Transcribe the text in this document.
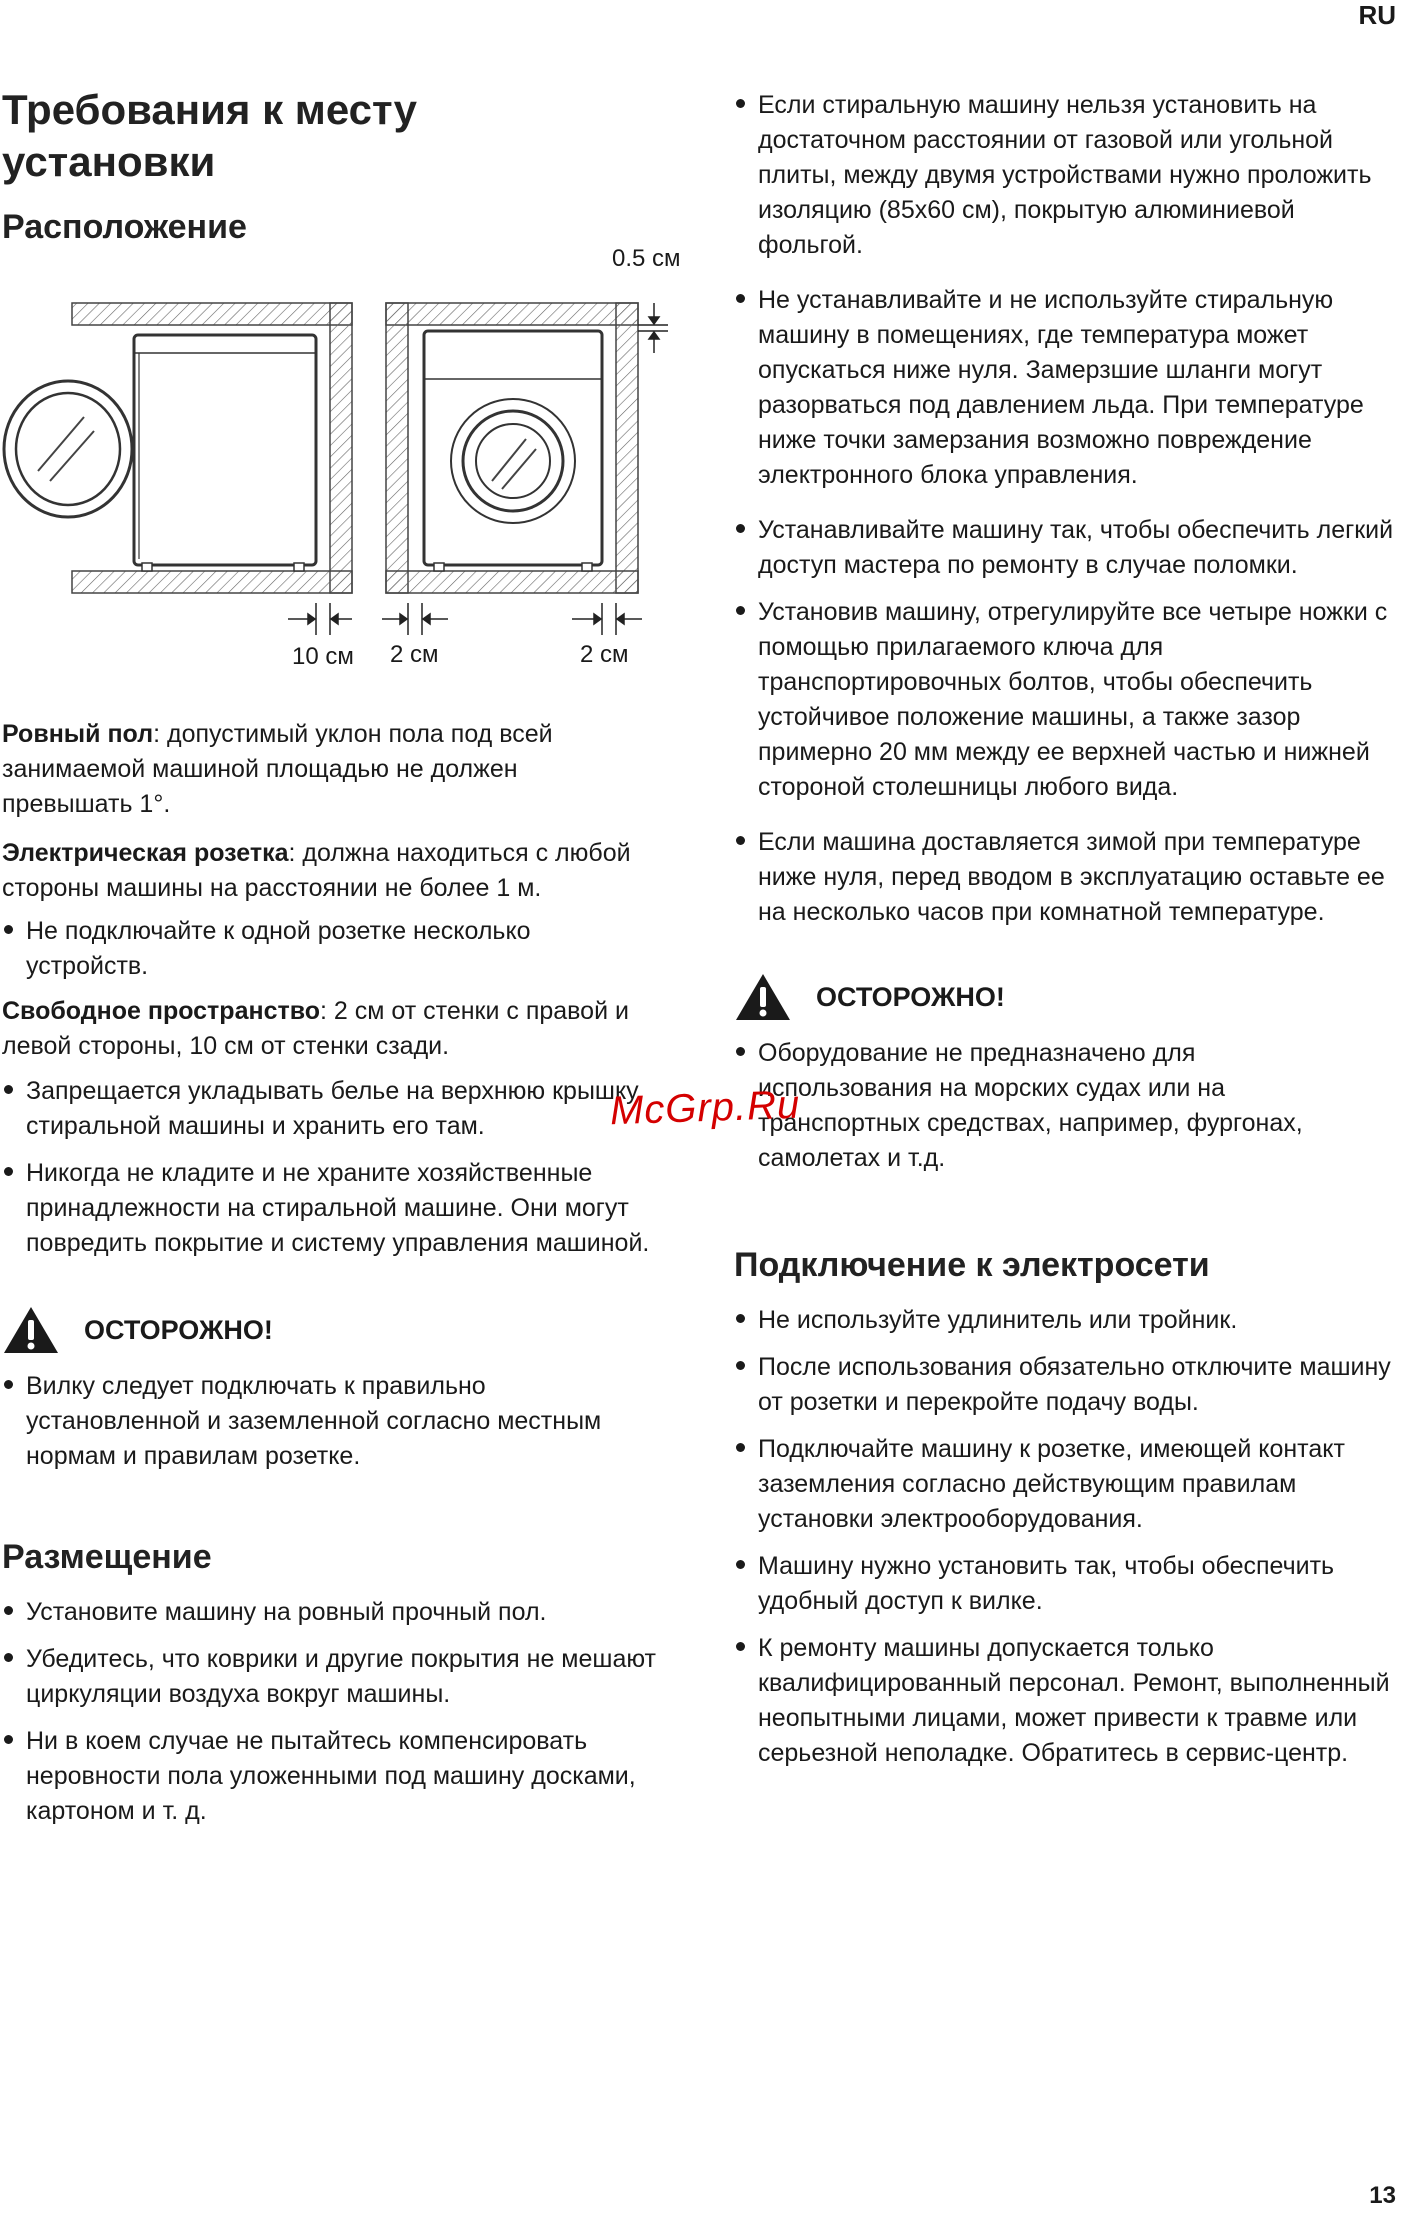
RU
Требования к месту установки
Расположение
0.5 см
10 см 2 см	2 см

Ровный пол: допустимый уклон пола под всей занимаемой машиной площадью не должен превышать 1°.

Электрическая розетка: должна находиться с любой стороны машины на расстоянии не более 1 м.

Не подключайте к одной розетке несколько устройств.

Свободное пространство: 2 см от стенки с правой и левой стороны, 10 см от стенки сзади.

Запрещается укладывать белье на верхнюю крышку стиральной машины и хранить его там.
Никогда не кладите и не храните хозяйственные принадлежности на стиральной машине. Они могут повредить покрытие и систему управления машиной.
ОСТОРОЖНО!
Вилку следует подключать к правильно установленной и заземленной согласно местным нормам и правилам розетке.
Размещение
Установите машину на ровный прочный пол.
Убедитесь, что коврики и другие покрытия не мешают циркуляции воздуха вокруг машины.
Ни в коем случае не пытайтесь компенсировать неровности пола уложенными под машину досками, картоном и т. д.
Если стиральную машину нельзя установить на достаточном расстоянии от газовой или угольной плиты, между двумя устройствами нужно проложить изоляцию (85x60 см), покрытую алюминиевой фольгой.
Не устанавливайте и не используйте стиральную машину в помещениях, где температура может опускаться ниже нуля. Замерзшие шланги могут разорваться под давлением льда. При температуре ниже точки замерзания возможно повреждение электронного блока управления.
Устанавливайте машину так, чтобы обеспечить легкий доступ мастера по ремонту в случае поломки.
Установив машину, отрегулируйте все четыре ножки с помощью прилагаемого ключа для транспортировочных болтов, чтобы обеспечить устойчивое положение машины, а также зазор примерно 20 мм между ее верхней частью и нижней стороной столешницы любого вида.
Если машина доставляется зимой при температуре ниже нуля, перед вводом в эксплуатацию оставьте ее на несколько часов при комнатной температуре.
ОСТОРОЖНО!
Оборудование не предназначено для использования на морских судах или на транспортных средствах, например, фургонах, самолетах и т.д.
Подключение к электросети
Не используйте удлинитель или тройник.
После использования обязательно отключите машину от розетки и перекройте подачу воды.
Подключайте машину к розетке, имеющей контакт заземления согласно действующим правилам установки электрооборудования.
Машину нужно установить так, чтобы обеспечить удобный доступ к вилке.
К ремонту машины допускается только квалифицированный персонал. Ремонт, выполненный неопытными лицами, может привести к травме или серьезной неполадке. Обратитесь в сервис-центр.
McGrp.Ru
13
